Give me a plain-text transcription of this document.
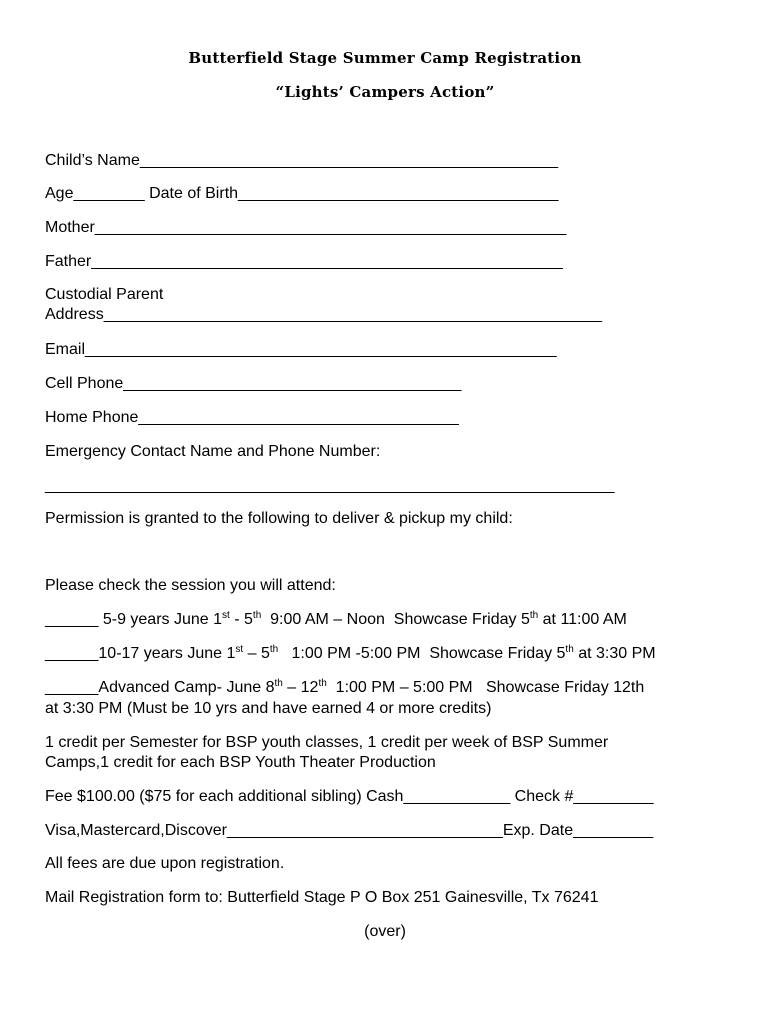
Butterfield Stage Summer Camp Registration
“Lights’ Campers Action”

Child’s Name_______________________________________________

Age________ Date of Birth____________________________________

Mother_____________________________________________________

Father_____________________________________________________

Custodial Parent

Address________________________________________________________

Email_____________________________________________________

Cell Phone______________________________________

Home Phone____________________________________

Emergency Contact Name and Phone Number:

________________________________________________________________

Permission is granted to the following to deliver & pickup my child:

Please check the session you will attend:

______ 5-9 years June 1st - 5th  9:00 AM – Noon  Showcase Friday 5th at 11:00 AM

______10-17 years June 1st – 5th   1:00 PM -5:00 PM  Showcase Friday 5th at 3:30 PM

______Advanced Camp- June 8th – 12th  1:00 PM – 5:00 PM   Showcase Friday 12th

at 3:30 PM (Must be 10 yrs and have earned 4 or more credits)

1 credit per Semester for BSP youth classes, 1 credit per week of BSP Summer

Camps,1 credit for each BSP Youth Theater Production

Fee $100.00 ($75 for each additional sibling) Cash____________ Check #_________

Visa,Mastercard,Discover_______________________________Exp. Date_________

All fees are due upon registration.

Mail Registration form to: Butterfield Stage P O Box 251 Gainesville, Tx 76241

(over)
